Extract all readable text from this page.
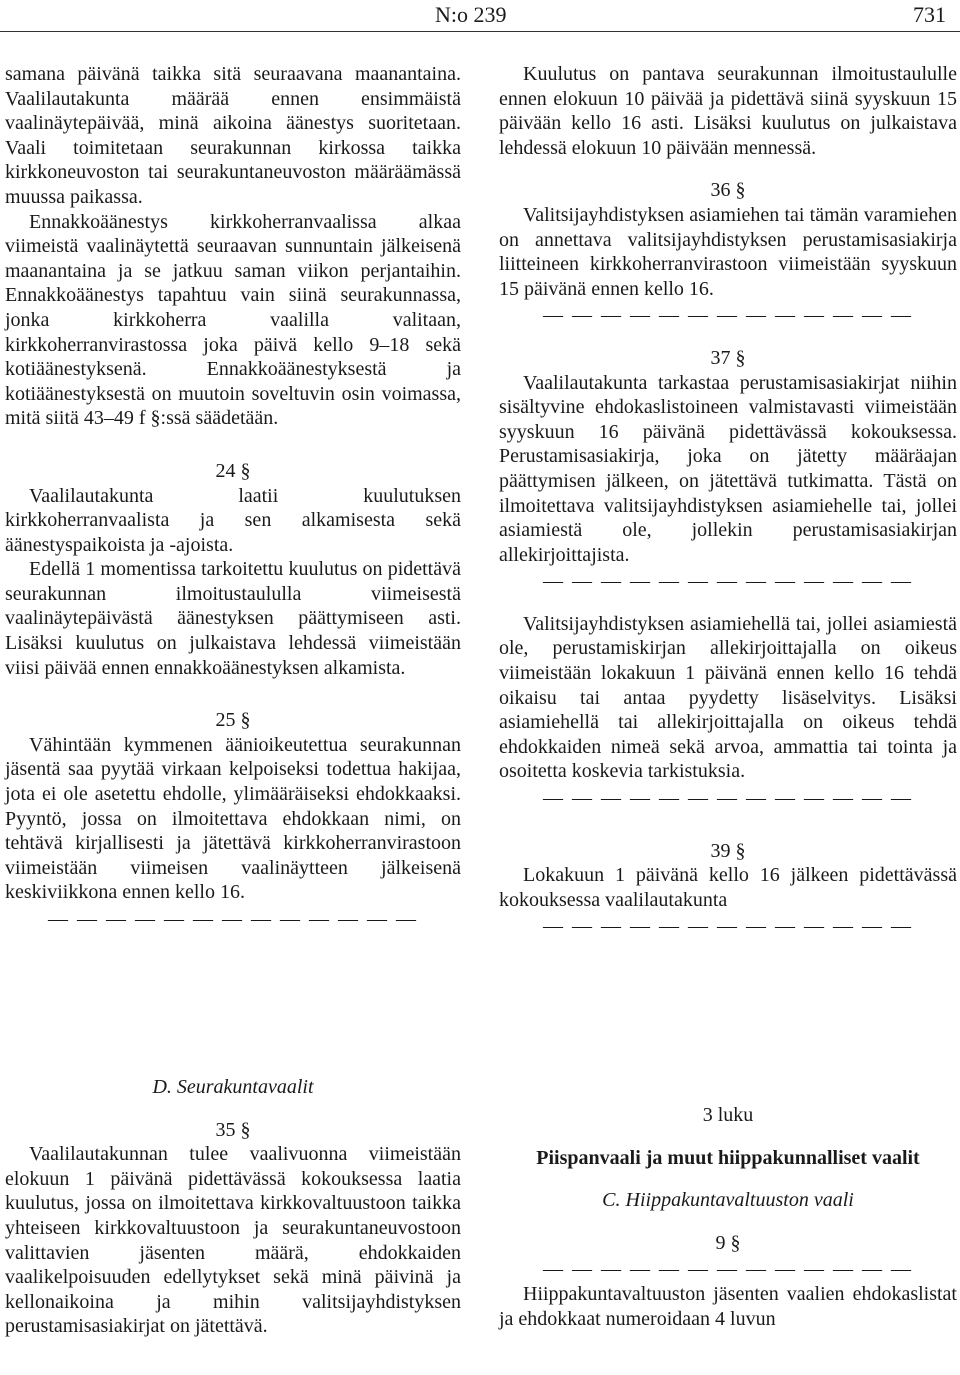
N:o 239	731

samana päivänä taikka sitä seuraavana maanantaina. Vaalilautakunta määrää ennen ensimmäistä vaalinäytepäivää, minä aikoina äänestys suoritetaan. Vaali toimitetaan seurakunnan kirkossa taikka kirkkoneuvoston tai seurakuntaneuvoston määräämässä muussa paikassa.

Ennakkoäänestys kirkkoherranvaalissa alkaa viimeistä vaalinäytettä seuraavan sunnuntain jälkeisenä maanantaina ja se jatkuu saman viikon perjantaihin. Ennakkoäänestys tapahtuu vain siinä seurakunnassa, jonka kirkkoherra vaalilla valitaan, kirkkoherranvirastossa joka päivä kello 9–18 sekä kotiäänestyksenä. Ennakkoäänestyksestä ja kotiäänestyksestä on muutoin soveltuvin osin voimassa, mitä siitä 43–49 f §:ssä säädetään.

24 §

Vaalilautakunta laatii kuulutuksen kirkkoherranvaalista ja sen alkamisesta sekä äänestyspaikoista ja -ajoista.

Edellä 1 momentissa tarkoitettu kuulutus on pidettävä seurakunnan ilmoitustaululla viimeisestä vaalinäytepäivästä äänestyksen päättymiseen asti. Lisäksi kuulutus on julkaistava lehdessä viimeistään viisi päivää ennen ennakkoäänestyksen alkamista.

25 §

Vähintään kymmenen äänioikeutettua seurakunnan jäsentä saa pyytää virkaan kelpoiseksi todettua hakijaa, jota ei ole asetettu ehdolle, ylimääräiseksi ehdokkaaksi. Pyyntö, jossa on ilmoitettava ehdokkaan nimi, on tehtävä kirjallisesti ja jätettävä kirkkoherranvirastoon viimeistään viimeisen vaalinäytteen jälkeisenä keskiviikkona ennen kello 16.

— — — — — — — — — — — — —

D. Seurakuntavaalit

35 §

Vaalilautakunnan tulee vaalivuonna viimeistään elokuun 1 päivänä pidettävässä kokouksessa laatia kuulutus, jossa on ilmoitettava kirkkovaltuustoon taikka yhteiseen kirkkovaltuustoon ja seurakuntaneuvostoon valittavien jäsenten määrä, ehdokkaiden vaalikelpoisuuden edellytykset sekä minä päivinä ja kellonaikoina ja mihin valitsijayhdistyksen perustamisasiakirjat on jätettävä.

Kuulutus on pantava seurakunnan ilmoitustaululle ennen elokuun 10 päivää ja pidettävä siinä syyskuun 15 päivään kello 16 asti. Lisäksi kuulutus on julkaistava lehdessä elokuun 10 päivään mennessä.

36 §

Valitsijayhdistyksen asiamiehen tai tämän varamiehen on annettava valitsijayhdistyksen perustamisasiakirja liitteineen kirkkoherranvirastoon viimeistään syyskuun 15 päivänä ennen kello 16.

— — — — — — — — — — — — —

37 §

Vaalilautakunta tarkastaa perustamisasiakirjat niihin sisältyvine ehdokaslistoineen valmistavasti viimeistään syyskuun 16 päivänä pidettävässä kokouksessa. Perustamisasiakirja, joka on jätetty määräajan päättymisen jälkeen, on jätettävä tutkimatta. Tästä on ilmoitettava valitsijayhdistyksen asiamiehelle tai, jollei asiamiestä ole, jollekin perustamisasiakirjan allekirjoittajista.

— — — — — — — — — — — — —

Valitsijayhdistyksen asiamiehellä tai, jollei asiamiestä ole, perustamiskirjan allekirjoittajalla on oikeus viimeistään lokakuun 1 päivänä ennen kello 16 tehdä oikaisu tai antaa pyydetty lisäselvitys. Lisäksi asiamiehellä tai allekirjoittajalla on oikeus tehdä ehdokkaiden nimeä sekä arvoa, ammattia tai tointa ja osoitetta koskevia tarkistuksia.

— — — — — — — — — — — — —

39 §

Lokakuun 1 päivänä kello 16 jälkeen pidettävässä kokouksessa vaalilautakunta

— — — — — — — — — — — — —

3 luku

Piispanvaali ja muut hiippakunnalliset vaalit

C. Hiippakuntavaltuuston vaali

9 §

— — — — — — — — — — — — —

Hiippakuntavaltuuston jäsenten vaalien ehdokaslistat ja ehdokkaat numeroidaan 4 luvun
